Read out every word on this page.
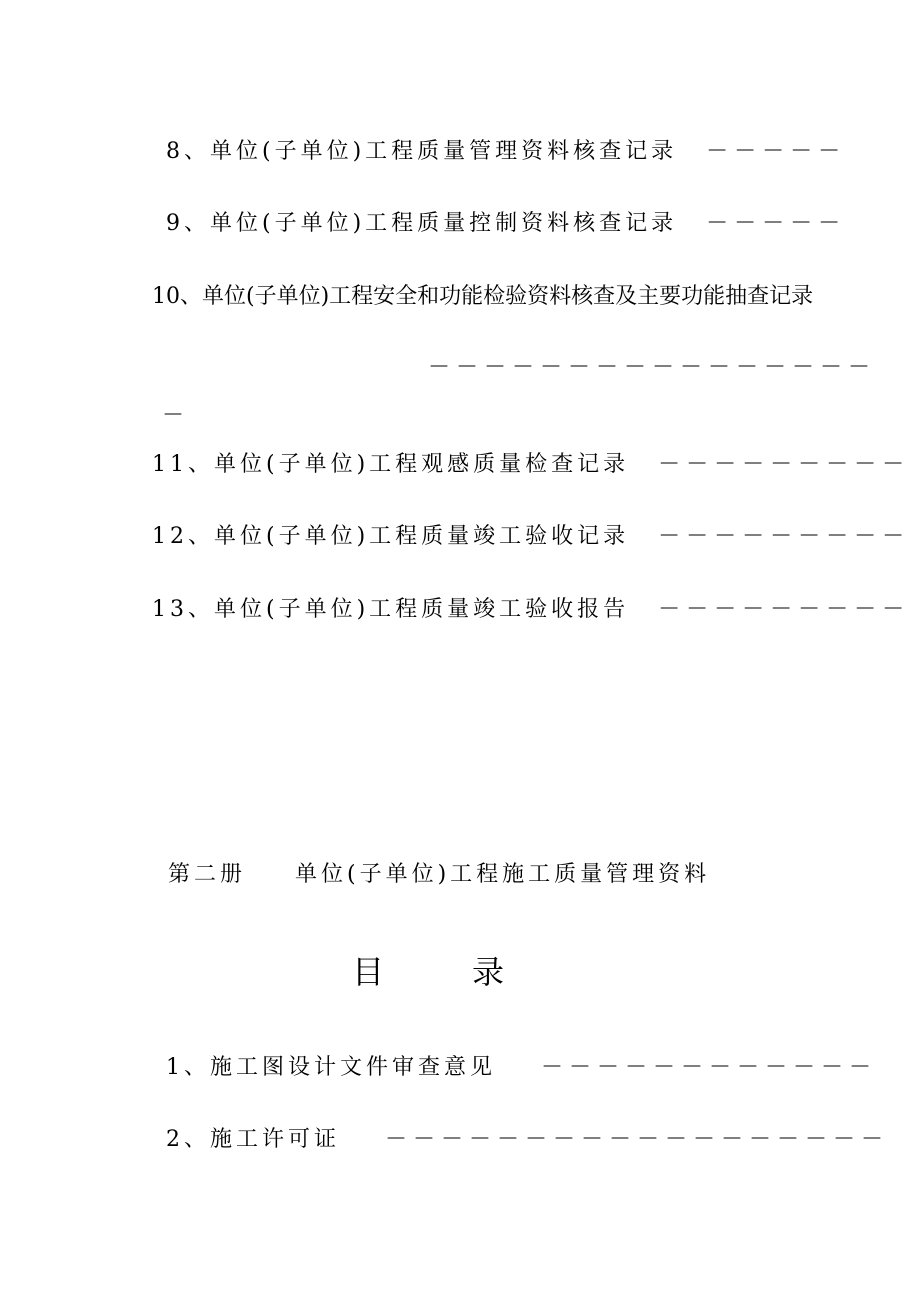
8、单位(子单位)工程质量管理资料核查记录 －－－－－
9、单位(子单位)工程质量控制资料核查记录 －－－－－
10、单位(子单位)工程安全和功能检验资料核查及主要功能抽查记录
－－－－－－－－－－－－－－－－
－
11、单位(子单位)工程观感质量检查记录 －－－－－－－－－
12、单位(子单位)工程质量竣工验收记录 －－－－－－－－－
13、单位(子单位)工程质量竣工验收报告 －－－－－－－－－
第二册 单位(子单位)工程施工质量管理资料
目	录
1、施工图设计文件审查意见 －－－－－－－－－－－－
2、施工许可证 －－－－－－－－－－－－－－－－－－
